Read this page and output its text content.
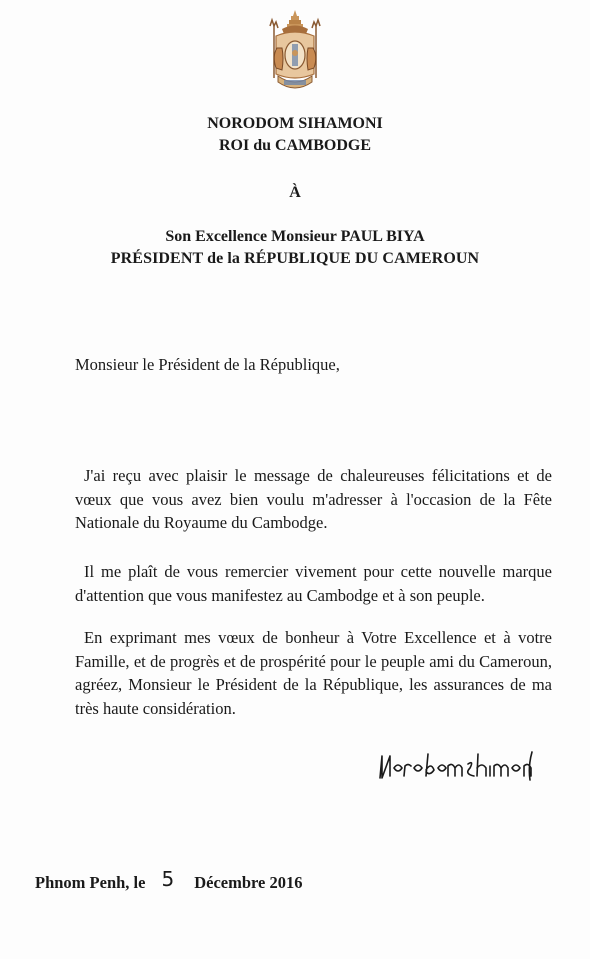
NORODOM SIHAMONI
ROI du CAMBODGE
À
Son Excellence Monsieur PAUL BIYA
PRÉSIDENT de la RÉPUBLIQUE DU CAMEROUN
Monsieur le Président de la République,

J'ai reçu avec plaisir le message de chaleureuses félicitations et de vœux que vous avez bien voulu m'adresser à l'occasion de la Fête Nationale du Royaume du Cambodge.

Il me plaît de vous remercier vivement pour cette nouvelle marque d'attention que vous manifestez au Cambodge et à son peuple.

En exprimant mes vœux de bonheur à Votre Excellence et à votre Famille, et de progrès et de prospérité pour le peuple ami du Cameroun, agréez, Monsieur le Président de la République, les assurances de ma très haute considération.

Phnom Penh, le 5 Décembre 2016
